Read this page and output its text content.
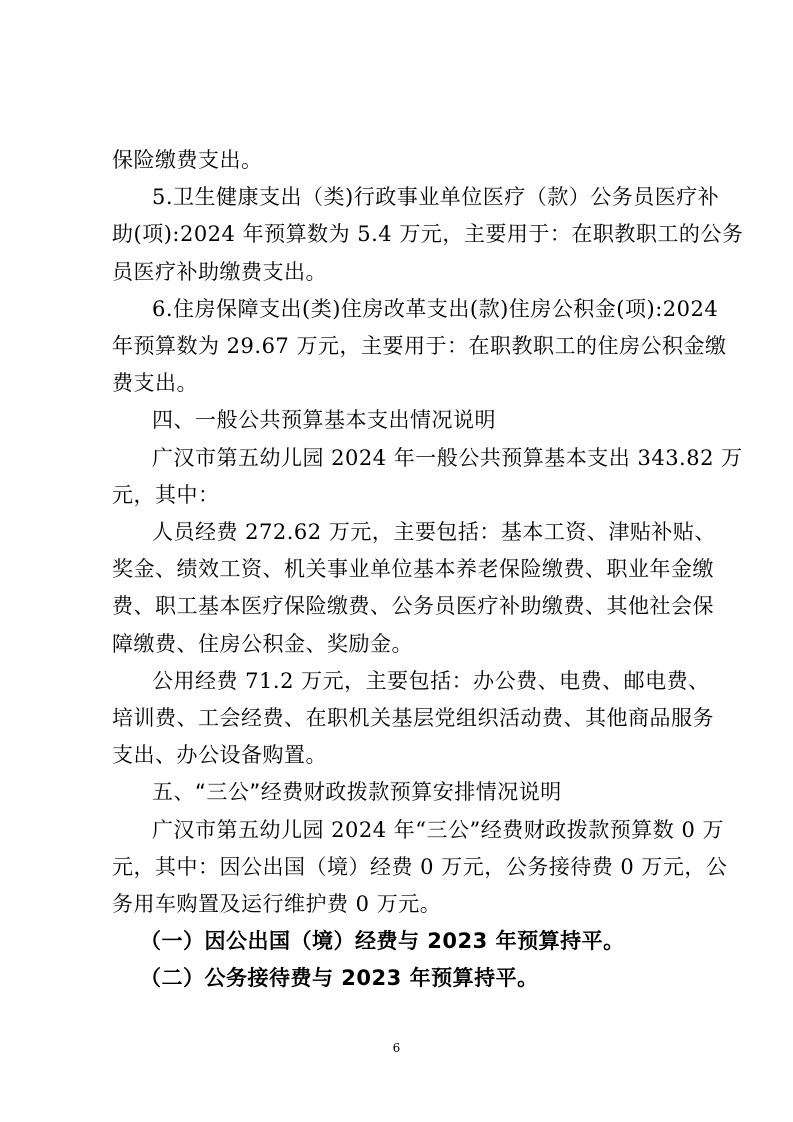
保险缴费支出。
5.卫生健康支出（类)行政事业单位医疗（款）公务员医疗补
助(项):2024 年预算数为 5.4 万元，主要用于：在职教职工的公务
员医疗补助缴费支出。
6.住房保障支出(类)住房改革支出(款)住房公积金(项):2024
年预算数为 29.67 万元，主要用于：在职教职工的住房公积金缴
费支出。
四、一般公共预算基本支出情况说明
广汉市第五幼儿园 2024 年一般公共预算基本支出 343.82 万
元，其中：
人员经费 272.62 万元，主要包括：基本工资、津贴补贴、
奖金、绩效工资、机关事业单位基本养老保险缴费、职业年金缴
费、职工基本医疗保险缴费、公务员医疗补助缴费、其他社会保
障缴费、住房公积金、奖励金。
公用经费 71.2 万元，主要包括：办公费、电费、邮电费、
培训费、工会经费、在职机关基层党组织活动费、其他商品服务
支出、办公设备购置。
五、“三公”经费财政拨款预算安排情况说明
广汉市第五幼儿园 2024 年“三公”经费财政拨款预算数 0 万
元，其中：因公出国（境）经费 0 万元，公务接待费 0 万元，公
务用车购置及运行维护费 0 万元。
（一）因公出国（境）经费与 2023 年预算持平。
（二）公务接待费与 2023 年预算持平。
6
